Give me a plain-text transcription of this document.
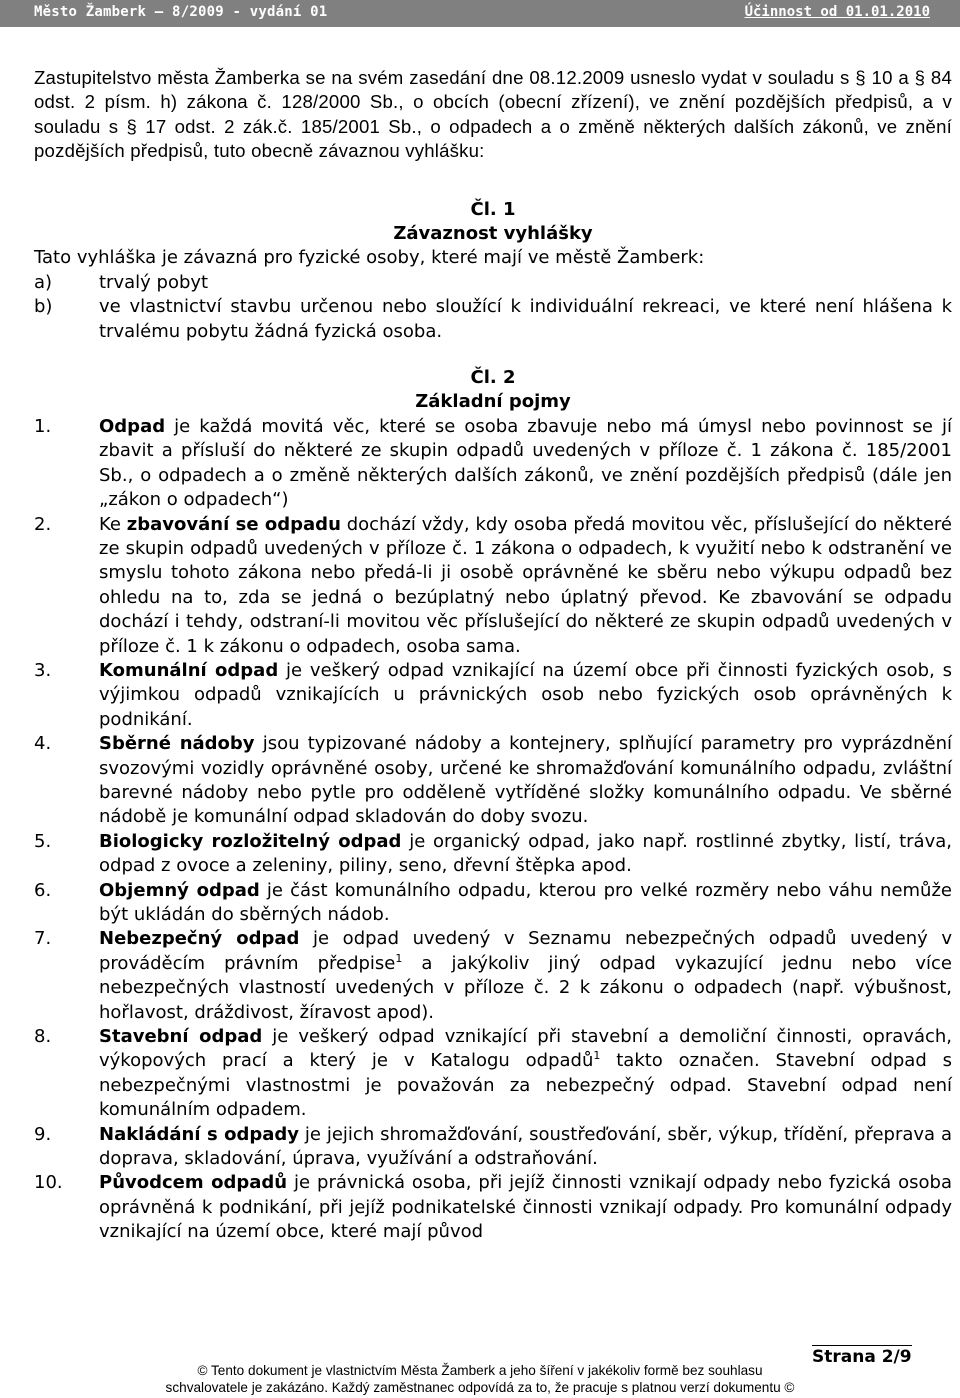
Město Žamberk – 8/2009 - vydání 01	Účinnost od 01.01.2010

Zastupitelstvo města Žamberka se na svém zasedání dne 08.12.2009 usneslo vydat v souladu s § 10 a § 84 odst. 2 písm. h) zákona č. 128/2000 Sb., o obcích (obecní zřízení), ve znění pozdějších předpisů, a v souladu s § 17 odst. 2 zák.č. 185/2001 Sb., o odpadech a o změně některých dalších zákonů, ve znění pozdějších předpisů, tuto obecně závaznou vyhlášku:

Čl. 1

Závaznost vyhlášky

Tato vyhláška je závazná pro fyzické osoby, které mají ve městě Žamberk:

a)	trvalý pobyt
b)	ve vlastnictví stavbu určenou nebo sloužící k individuální rekreaci, ve které není hlášena k trvalému pobytu žádná fyzická osoba.

Čl. 2

Základní pojmy

1.	Odpad je každá movitá věc, které se osoba zbavuje nebo má úmysl nebo povinnost se jí zbavit a přísluší do některé ze skupin odpadů uvedených v příloze č. 1 zákona č. 185/2001 Sb., o odpadech a o změně některých dalších zákonů, ve znění pozdějších předpisů (dále jen „zákon o odpadech“)
2.	Ke zbavování se odpadu dochází vždy, kdy osoba předá movitou věc, příslušející do některé ze skupin odpadů uvedených v příloze č. 1 zákona o odpadech, k využití nebo k odstranění ve smyslu tohoto zákona nebo předá-li ji osobě oprávněné ke sběru nebo výkupu odpadů bez ohledu na to, zda se jedná o bezúplatný nebo úplatný převod. Ke zbavování se odpadu dochází i tehdy, odstraní-li movitou věc příslušející do některé ze skupin odpadů uvedených v příloze č. 1 k zákonu o odpadech, osoba sama.
3.	Komunální odpad je veškerý odpad vznikající na území obce při činnosti fyzických osob, s výjimkou odpadů vznikajících u právnických osob nebo fyzických osob oprávněných k podnikání.
4.	Sběrné nádoby jsou typizované nádoby a kontejnery, splňující parametry pro vyprázdnění svozovými vozidly oprávněné osoby, určené ke shromažďování komunálního odpadu, zvláštní barevné nádoby nebo pytle pro odděleně vytříděné složky komunálního odpadu. Ve sběrné nádobě je komunální odpad skladován do doby svozu.
5.	Biologicky rozložitelný odpad je organický odpad, jako např. rostlinné zbytky, listí, tráva, odpad z ovoce a zeleniny, piliny, seno, dřevní štěpka apod.
6.	Objemný odpad je část komunálního odpadu, kterou pro velké rozměry nebo váhu nemůže být ukládán do sběrných nádob.
7.	Nebezpečný odpad je odpad uvedený v Seznamu nebezpečných odpadů uvedený v prováděcím právním předpise$^1$ a jakýkoliv jiný odpad vykazující jednu nebo více nebezpečných vlastností uvedených v příloze č. 2 k zákonu o odpadech (např. výbušnost, hořlavost, dráždivost, žíravost apod).
8.	Stavební odpad je veškerý odpad vznikající při stavební a demoliční činnosti, opravách, výkopových prací a který je v Katalogu odpadů$^1$ takto označen. Stavební odpad s nebezpečnými vlastnostmi je považován za nebezpečný odpad. Stavební odpad není komunálním odpadem.
9.	Nakládání s odpady je jejich shromažďování, soustřeďování, sběr, výkup, třídění, přeprava a doprava, skladování, úprava, využívání a odstraňování.
10. Původcem odpadů je právnická osoba, při jejíž činnosti vznikají odpady nebo fyzická osoba oprávněná k podnikání, při jejíž podnikatelské činnosti vznikají odpady. Pro komunální odpady vznikající na území obce, které mají původ
Strana 2/9
© Tento dokument je vlastnictvím Města Žamberk a jeho šíření v jakékoliv formě bez souhlasu
schvalovatele je zakázáno. Každý zaměstnanec odpovídá za to, že pracuje s platnou verzí dokumentu ©
